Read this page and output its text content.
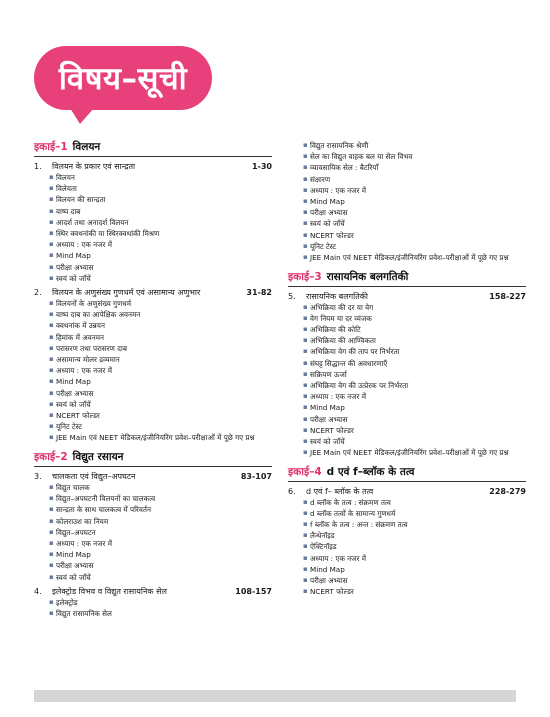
विषय–सूची
इकाई–1 विलयन
1.	विलयन के प्रकार एवं सान्द्रता	1-30
▪ विलयन
▪ विलेयता
▪ विलयन की सान्द्रता
▪ वाष्प दाब
▪ आदर्श तथा अनादर्श विलयन
▪ स्थिर क्वथनांकी या स्थिरक्वथांकी मिश्रण
▪ अध्याय : एक नजर में
▪ Mind Map
▪ परीक्षा अभ्यास
▪ स्वयं को जाँचें
2.	विलयन के अणुसंख्य गुणधर्म एवं असामान्य अणुभार	31-82
▪ विलयनों के अणुसंख्य गुणधर्म
▪ वाष्प दाब का आपेक्षिक अवनमन
▪ क्वथनांक में उन्नयन
▪ हिमांक में अवनमन
▪ परासरण तथा परासरण दाब
▪ असामान्य मोलर द्रव्यमान
▪ अध्याय : एक नजर में
▪ Mind Map
▪ परीक्षा अभ्यास
▪ स्वयं को जाँचें
▪ NCERT फोल्डर
▪ यूनिट टेस्ट
▪ JEE Main एवं NEET मेडिकल/इंजीनियरिंग प्रवेश–परीक्षाओं में पूछे गए प्रश्न
इकाई–2 विद्युत रसायन
3.	चालकता एवं विद्युत–अपघटन	83-107
▪ विद्युत चालक
▪ विद्युत–अपघटनी विलयनों का चालकत्व
▪ सान्द्रता के साथ चालकत्व में परिवर्तन
▪ कोलराउश का नियम
▪ विद्युत–अपघटन
▪ अध्याय : एक नजर में
▪ Mind Map
▪ परीक्षा अभ्यास
▪ स्वयं को जाँचें
4.	इलेक्ट्रोड विभव व विद्युत रासायनिक सेल	108-157
▪ इलेक्ट्रोड
▪ विद्युत रासायनिक सेल
▪ विद्युत रासायनिक श्रेणी
▪ सेल का विद्युत वाहक बल या सेल विभव
▪ व्यावसायिक सेल : बैटरियाँ
▪ संक्षारण
▪ अध्याय : एक नजर में
▪ Mind Map
▪ परीक्षा अभ्यास
▪ स्वयं को जाँचें
▪ NCERT फोल्डर
▪ यूनिट टेस्ट
▪ JEE Main एवं NEET मेडिकल/इंजीनियरिंग प्रवेश–परीक्षाओं में पूछे गए प्रश्न
इकाई–3 रासायनिक बलगतिकी
5.	रासायनिक बलगतिकी	158-227
▪ अभिक्रिया की दर या वेग
▪ वेग नियम या दर व्यंजक
▪ अभिक्रिया की कोटि
▪ अभिक्रिया की आण्विकता
▪ अभिक्रिया वेग की ताप पर निर्भरता
▪ संघट्ट सिद्धान्त की अवधारणाएँ
▪ सक्रियण ऊर्जा
▪ अभिक्रिया वेग की उत्प्रेरक पर निर्भरता
▪ अध्याय : एक नजर में
▪ Mind Map
▪ परीक्षा अभ्यास
▪ NCERT फोल्डर
▪ स्वयं को जाँचें
▪ JEE Main एवं NEET मेडिकल/इंजीनियरिंग प्रवेश–परीक्षाओं में पूछे गए प्रश्न
इकाई–4 d एवं f–ब्लॉक के तत्व
6.	d एवं f– ब्लॉक के तत्व	228-279
▪ d ब्लॉक के तत्व : संक्रमण तत्व
▪ d ब्लॉक तत्वों के सामान्य गुणधर्म
▪ f ब्लॉक के तत्व : अन्त : संक्रमण तत्व
▪ लैन्थेनॉइड
▪ ऐक्टिनॉइड
▪ अध्याय : एक नजर में
▪ Mind Map
▪ परीक्षा अभ्यास
▪ NCERT फोल्डर
